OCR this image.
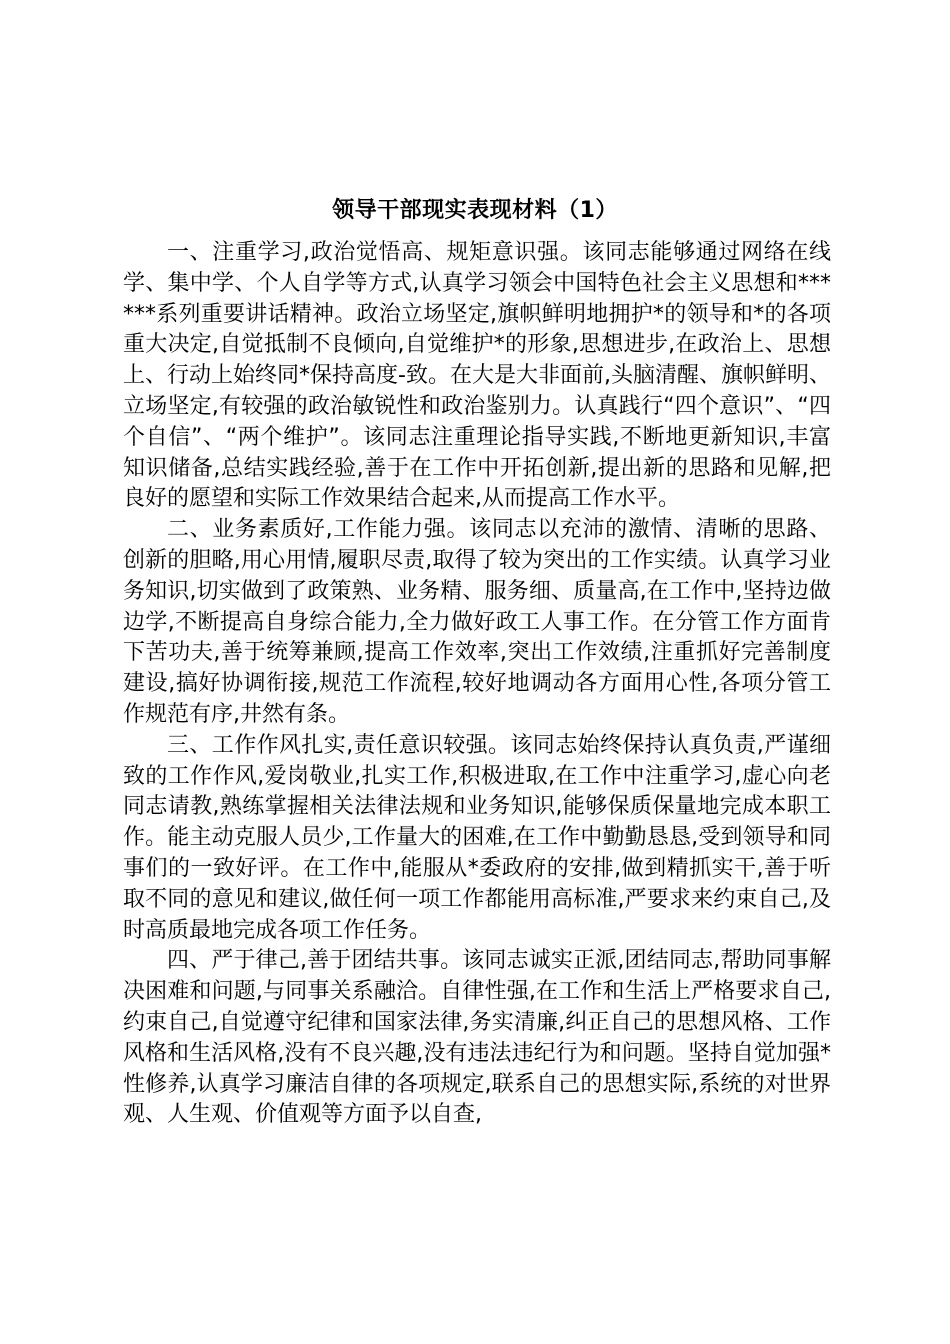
领导干部现实表现材料（1）

一、注重学习,政治觉悟高、规矩意识强。该同志能够通过网络在线学、集中学、个人自学等方式,认真学习领会中国特色社会主义思想和******系列重要讲话精神。政治立场坚定,旗帜鲜明地拥护*的领导和*的各项重大决定,自觉抵制不良倾向,自觉维护*的形象,思想进步,在政治上、思想上、行动上始终同*保持高度-致。在大是大非面前,头脑清醒、旗帜鲜明、立场坚定,有较强的政治敏锐性和政治鉴别力。认真践行“四个意识”、“四个自信”、“两个维护”。该同志注重理论指导实践,不断地更新知识,丰富知识储备,总结实践经验,善于在工作中开拓创新,提出新的思路和见解,把良好的愿望和实际工作效果结合起来,从而提高工作水平。

二、业务素质好,工作能力强。该同志以充沛的激情、清晰的思路、创新的胆略,用心用情,履职尽责,取得了较为突出的工作实绩。认真学习业务知识,切实做到了政策熟、业务精、服务细、质量高,在工作中,坚持边做边学,不断提高自身综合能力,全力做好政工人事工作。在分管工作方面肯下苦功夫,善于统筹兼顾,提高工作效率,突出工作效绩,注重抓好完善制度建设,搞好协调衔接,规范工作流程,较好地调动各方面用心性,各项分管工作规范有序,井然有条。

三、工作作风扎实,责任意识较强。该同志始终保持认真负责,严谨细致的工作作风,爱岗敬业,扎实工作,积极进取,在工作中注重学习,虚心向老同志请教,熟练掌握相关法律法规和业务知识,能够保质保量地完成本职工作。能主动克服人员少,工作量大的困难,在工作中勤勤恳恳,受到领导和同事们的一致好评。在工作中,能服从*委政府的安排,做到精抓实干,善于听取不同的意见和建议,做任何一项工作都能用高标准,严要求来约束自己,及时高质最地完成各项工作任务。

四、严于律己,善于团结共事。该同志诚实正派,团结同志,帮助同事解决困难和问题,与同事关系融洽。自律性强,在工作和生活上严格要求自己,约束自己,自觉遵守纪律和国家法律,务实清廉,纠正自己的思想风格、工作风格和生活风格,没有不良兴趣,没有违法违纪行为和问题。坚持自觉加强*性修养,认真学习廉洁自律的各项规定,联系自己的思想实际,系统的对世界观、人生观、价值观等方面予以自查,
